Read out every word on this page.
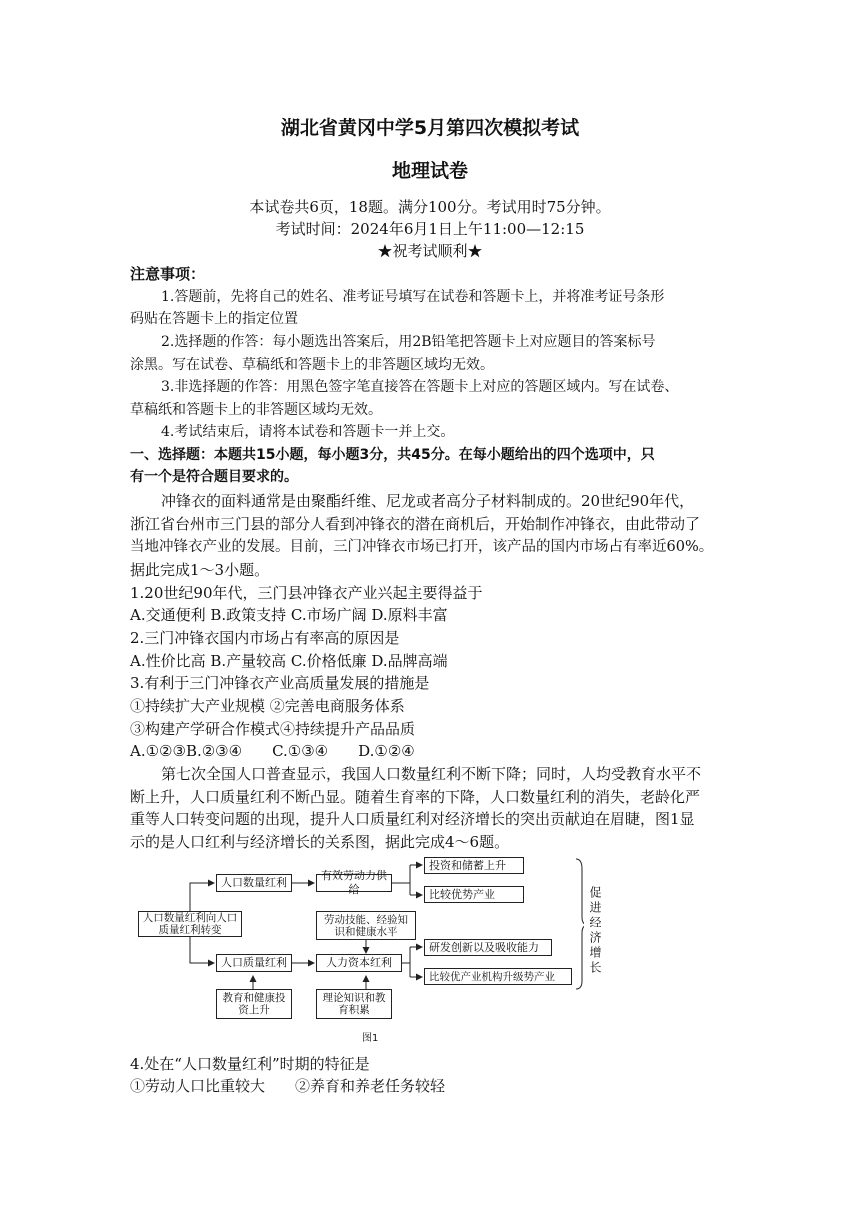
湖北省黄冈中学5月第四次模拟考试
地理试卷
本试卷共6页，18题。满分100分。考试用时75分钟。
考试时间：2024年6月1日上午11:00—12:15
★祝考试顺利★
注意事项：
1.答题前，先将自己的姓名、准考证号填写在试卷和答题卡上，并将准考证号条形
码贴在答题卡上的指定位置
2.选择题的作答：每小题选出答案后，用2B铅笔把答题卡上对应题目的答案标号
涂黑。写在试卷、草稿纸和答题卡上的非答题区域均无效。
3.非选择题的作答：用黑色签字笔直接答在答题卡上对应的答题区域内。写在试卷、
草稿纸和答题卡上的非答题区域均无效。
4.考试结束后，请将本试卷和答题卡一并上交。
一、选择题：本题共15小题，每小题3分，共45分。在每小题给出的四个选项中，只
有一个是符合题目要求的。
冲锋衣的面料通常是由聚酯纤维、尼龙或者高分子材料制成的。20世纪90年代，
浙江省台州市三门县的部分人看到冲锋衣的潜在商机后，开始制作冲锋衣，由此带动了
当地冲锋衣产业的发展。目前，三门冲锋衣市场已打开，该产品的国内市场占有率近60%。
据此完成1～3小题。
1.20世纪90年代，三门县冲锋衣产业兴起主要得益于
A.交通便利 B.政策支持 C.市场广阔 D.原料丰富
2.三门冲锋衣国内市场占有率高的原因是
A.性价比高 B.产量较高 C.价格低廉 D.品牌高端
3.有利于三门冲锋衣产业高质量发展的措施是
①持续扩大产业规模 ②完善电商服务体系
③构建产学研合作模式④持续提升产品品质
A.①②③B.②③④　　C.①③④　　D.①②④
第七次全国人口普查显示，我国人口数量红利不断下降；同时，人均受教育水平不
断上升，人口质量红利不断凸显。随着生育率的下降，人口数量红利的消失，老龄化严
重等人口转变问题的出现，提升人口质量红利对经济增长的突出贡献迫在眉睫，图1显
示的是人口红利与经济增长的关系图，据此完成4～6题。
人口数量红利向人口质量红利转变
人口数量红利
有效劳动力供给
投资和储蓄上升
比较优势产业
劳动技能、经验知识和健康水平
人口质量红利	人力资本红利
研发创新以及吸收能力
比较优产业机构升级势产业
教育和健康投资上升
理论知识和教育积累
促进经济增长
图1
4.处在“人口数量红利”时期的特征是
①劳动人口比重较大　　②养育和养老任务较轻
